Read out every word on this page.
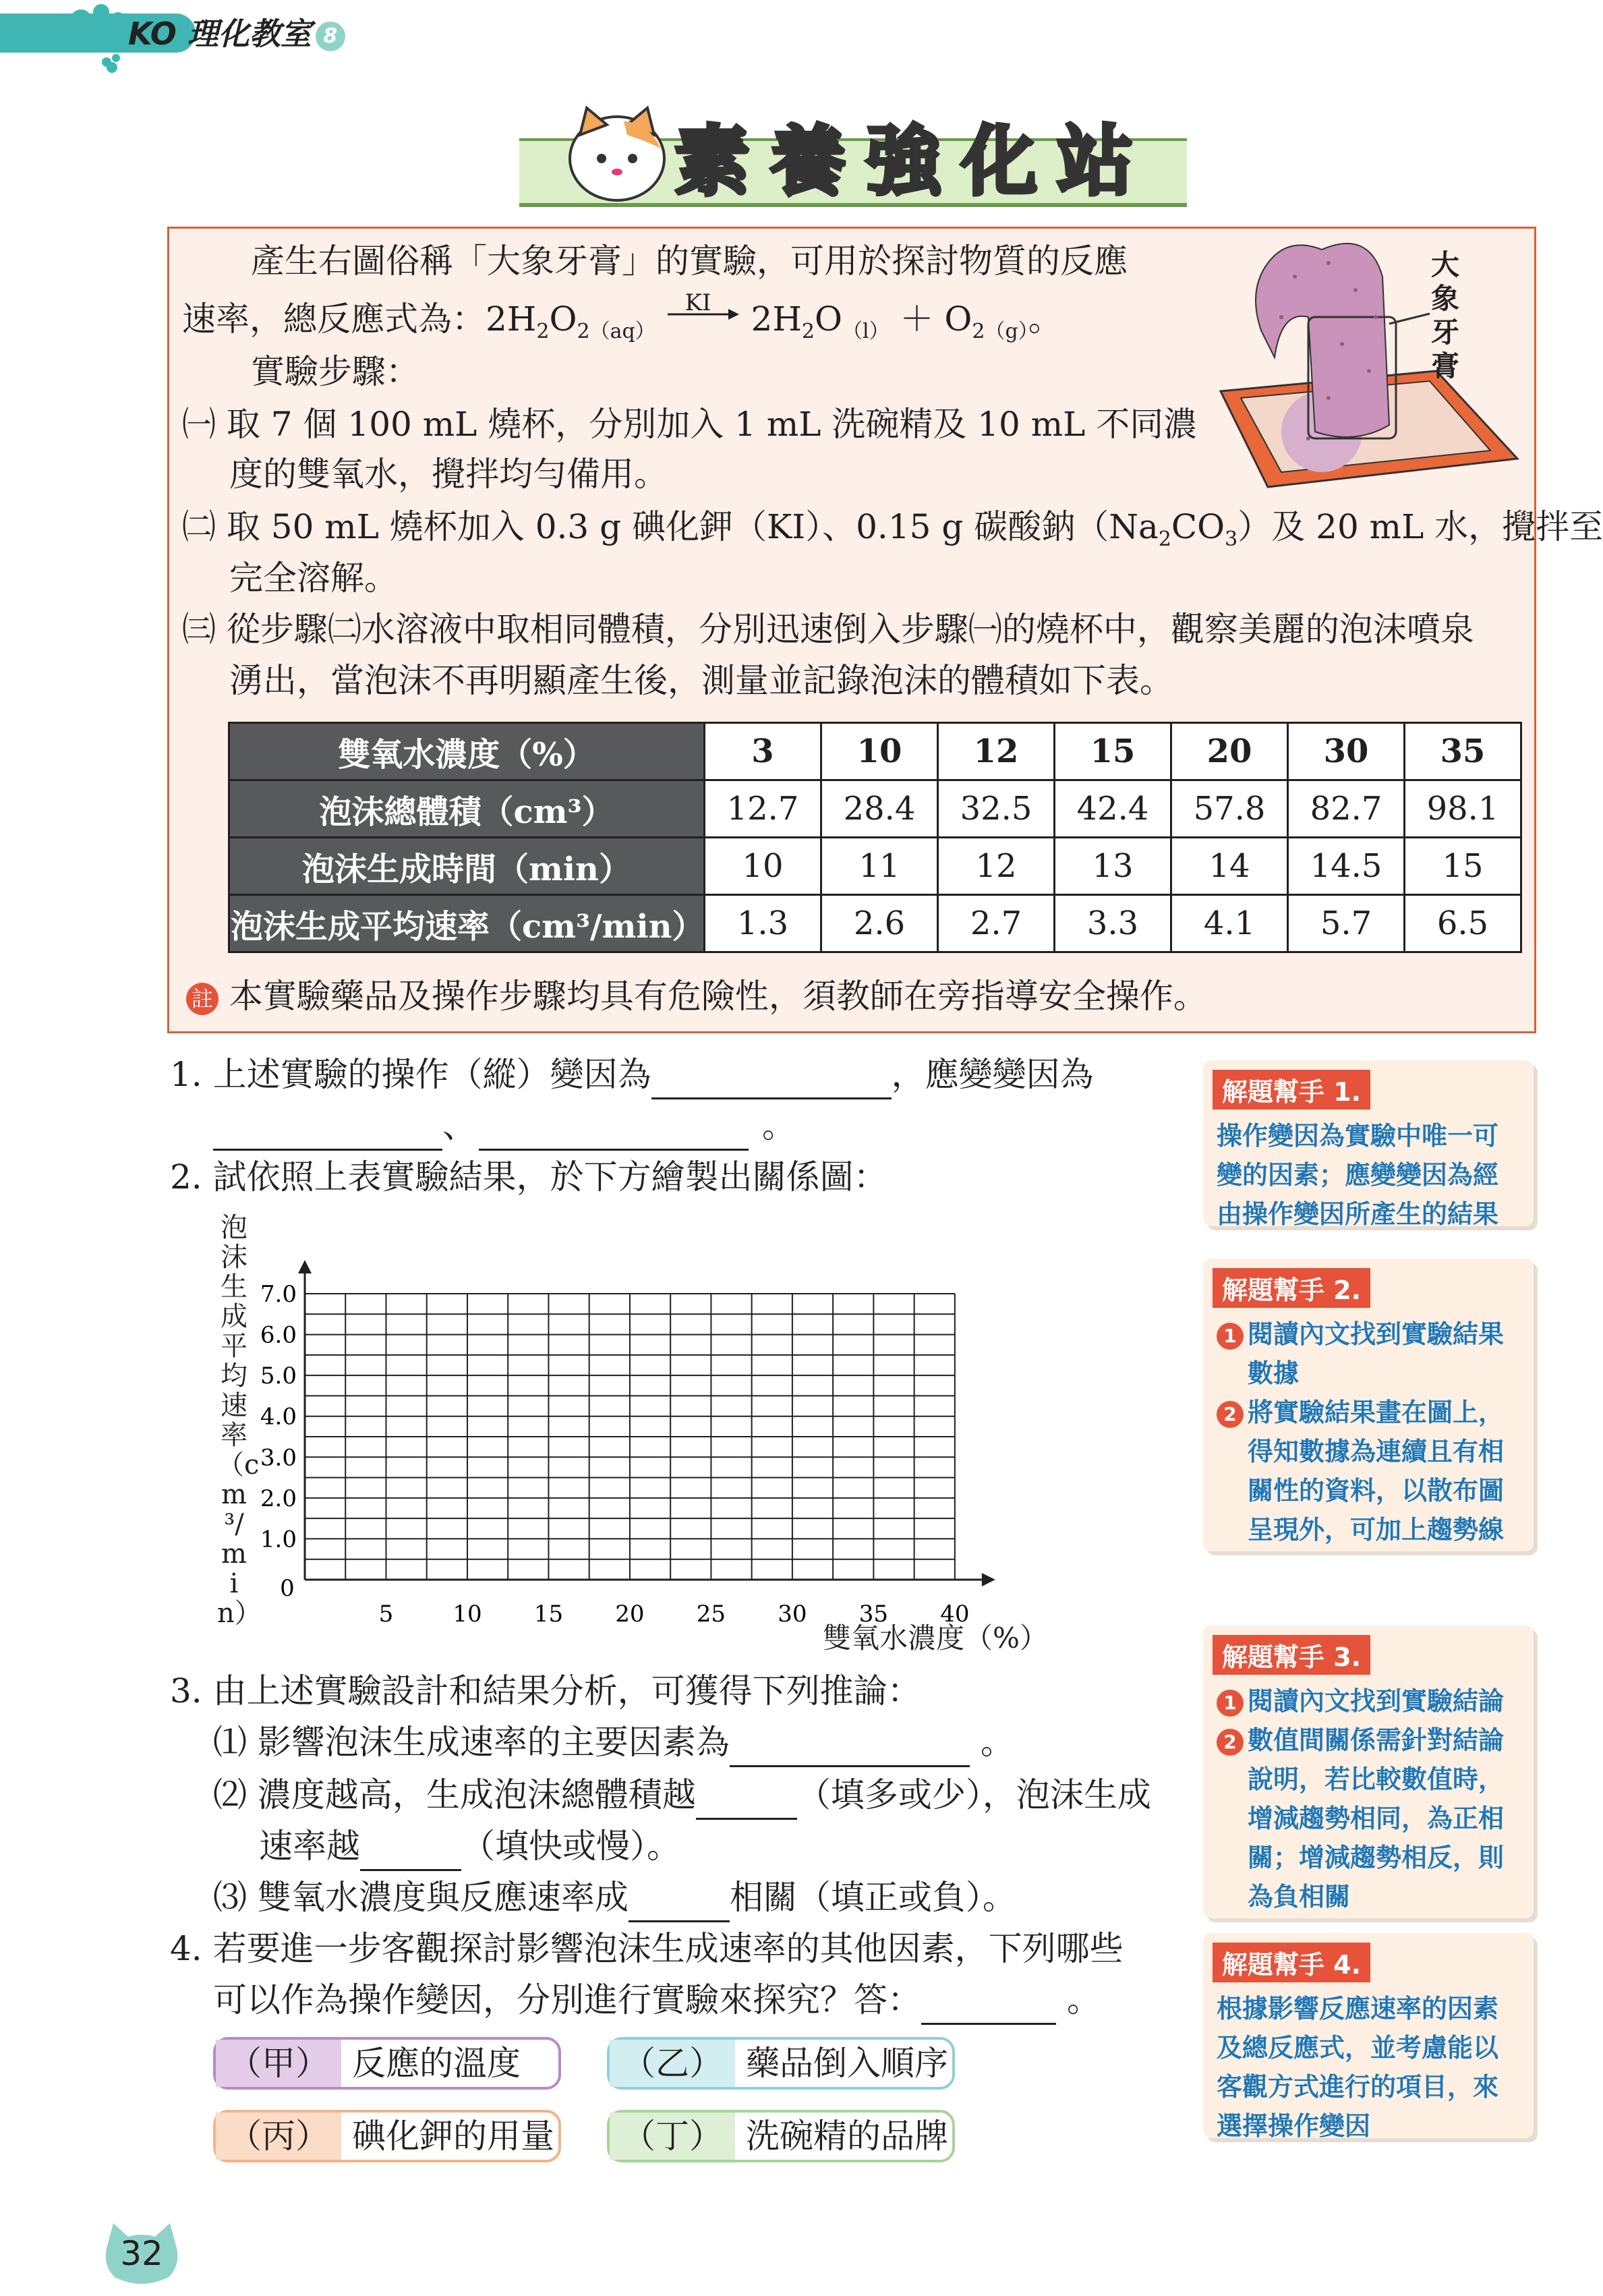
KO 理化教室 8
素養強化站
產生右圖俗稱「大象牙膏」的實驗，可用於探討物質的反應
速率，總反應式為：$2H_2O_{2(aq)}$
KI $2H_2O_{(l)} + O_{2(g)}$。
實驗步驟：
㈠ 取 7 個 100 mL 燒杯，分別加入 1 mL 洗碗精及 10 mL 不同濃
度的雙氧水，攪拌均勻備用。
㈡ 取 50 mL 燒杯加入 0.3 g 碘化鉀（KI）、0.15 g 碳酸鈉$(Na_2CO_3)$及 20 mL 水，攪拌至
完全溶解。
㈢ 從步驟㈡水溶液中取相同體積，分別迅速倒入步驟㈠的燒杯中，觀察美麗的泡沫噴泉
湧出，當泡沫不再明顯產生後，測量並記錄泡沫的體積如下表。
大象牙膏
雙氧水濃度（%）	3	10	12	15	20	30	35
泡沫總體積（cm³）	12.7	28.4	32.5	42.4	57.8	82.7	98.1
泡沫生成時間（min）	10	11	12	13	14	14.5	15
泡沫生成平均速率（cm³/min）	1.3	2.6	2.7	3.3	4.1	5.7	6.5
註 本實驗藥品及操作步驟均具有危險性，須教師在旁指導安全操作。
1. 上述實驗的操作（縱）變因為	，應變變因為
、	。
2. 試依照上表實驗結果，於下方繪製出關係圖：
5	10 15 20 25 30 35 40
1.0
2.0
3.0
4.0
5.0
6.0
7.0
0
泡沫生成平均速率（cm³/min）
雙氧水濃度（%）
3. 由上述實驗設計和結果分析，可獲得下列推論：
⑴ 影響泡沫生成速率的主要因素為	。
⑵ 濃度越高，生成泡沫總體積越	（填多或少），泡沫生成
速率越	（填快或慢）。
⑶ 雙氧水濃度與反應速率成	相關（填正或負）。
4. 若要進一步客觀探討影響泡沫生成速率的其他因素，下列哪些
可以作為操作變因，分別進行實驗來探究？答：	。
（甲） 反應的溫度	（乙） 藥品倒入順序
（丙） 碘化鉀的用量	（丁） 洗碗精的品牌
解題幫手 1.
操作變因為實驗中唯一可
變的因素；應變變因為經
由操作變因所產生的結果
解題幫手 2.
1 閱讀內文找到實驗結果
數據
2 將實驗結果畫在圖上，
得知數據為連續且有相
關性的資料，以散布圖
呈現外，可加上趨勢線
解題幫手 3.
1 閱讀內文找到實驗結論
2 數值間關係需針對結論
說明，若比較數值時，
增減趨勢相同，為正相
關；增減趨勢相反，則
為負相關
解題幫手 4.
根據影響反應速率的因素
及總反應式，並考慮能以
客觀方式進行的項目，來
選擇操作變因
32
